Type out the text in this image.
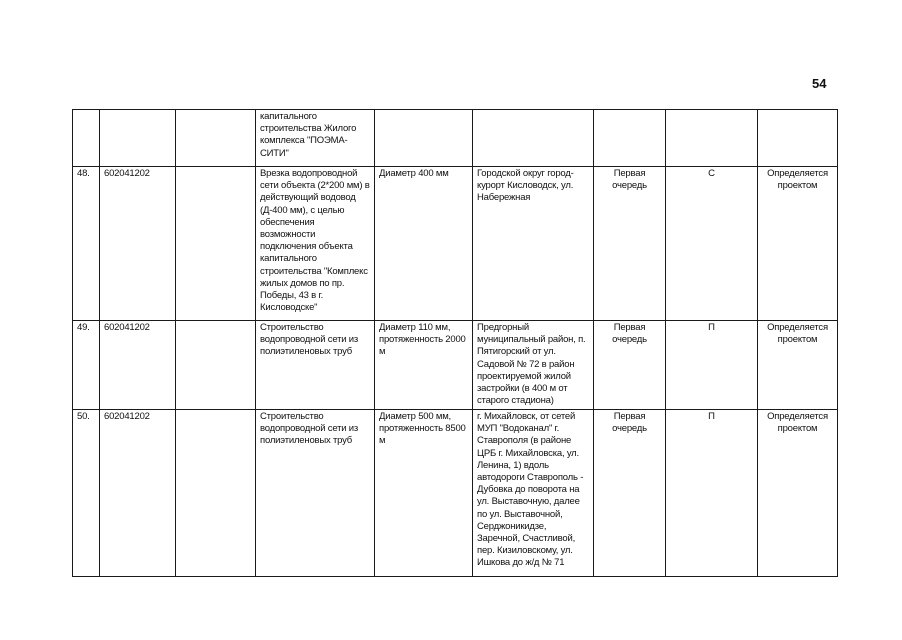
54
			капитального строительства Жилого комплекса "ПОЭМА-СИТИ"					
48.	602041202		Врезка водопроводной сети объекта (2*200 мм) в действующий водовод (Д-400 мм), с целью обеспечения возможности подключения объекта капитального строительства "Комплекс жилых домов по пр. Победы, 43 в г. Кисловодске"	Диаметр 400 мм	Городской округ город-курорт Кисловодск, ул. Набережная	Первая очередь	С	Определяется проектом
49.	602041202		Строительство водопроводной сети из полиэтиленовых труб	Диаметр 110 мм, протяженность 2000 м	Предгорный муниципальный район, п. Пятигорский от ул. Садовой № 72 в район проектируемой жилой застройки (в 400 м от старого стадиона)	Первая очередь	П	Определяется проектом
50.	602041202		Строительство водопроводной сети из полиэтиленовых труб	Диаметр 500 мм, протяженность 8500 м	г. Михайловск, от сетей МУП "Водоканал" г. Ставрополя (в районе ЦРБ г. Михайловска, ул. Ленина, 1) вдоль автодороги Ставрополь - Дубовка до поворота на ул. Выставочную, далее по ул. Выставочной, Серджоникидзе, Заречной, Счастливой, пер. Кизиловскому, ул. Ишкова до ж/д № 71	Первая очередь	П	Определяется проектом
